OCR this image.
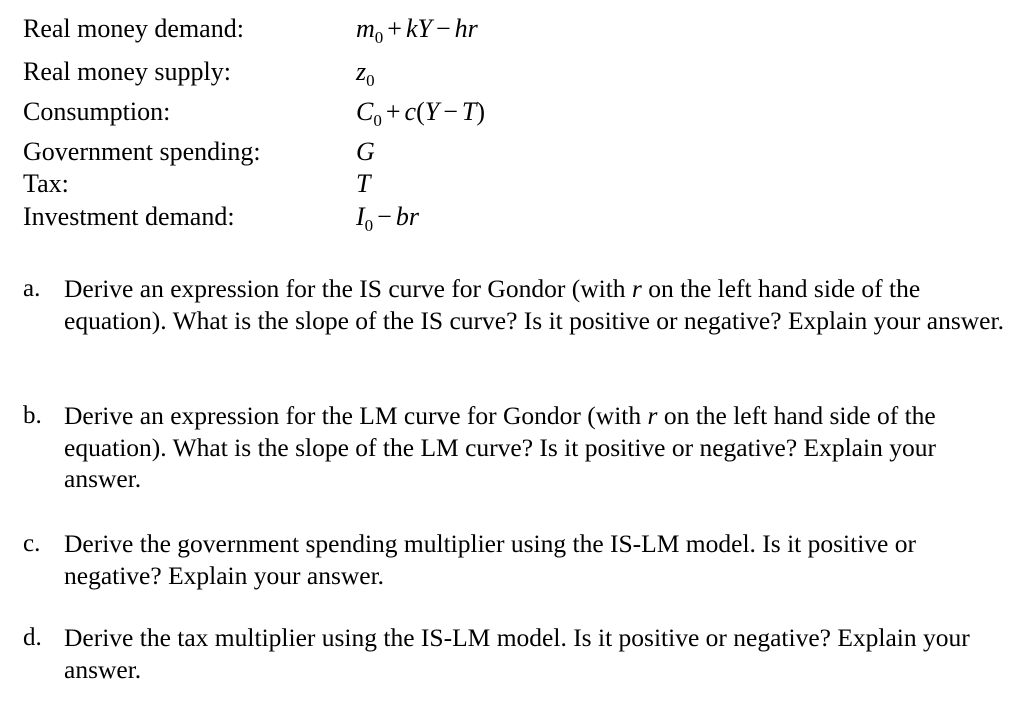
Real money demand:	$m_0$ + kY − hr
Real money supply:	$z_0$
Consumption:	$C_0 + c(Y - T)$
Government spending:	G
Tax:	T
Investment demand:	$I_0$ − br
a. Derive an expression for the IS curve for Gondor (with r on the left hand side of the equation). What is the slope of the IS curve? Is it positive or negative? Explain your answer.

b. Derive an expression for the LM curve for Gondor (with r on the left hand side of the equation). What is the slope of the LM curve? Is it positive or negative? Explain your answer.

c. Derive the government spending multiplier using the IS-LM model. Is it positive or negative? Explain your answer.

d. Derive the tax multiplier using the IS-LM model. Is it positive or negative? Explain your answer.
